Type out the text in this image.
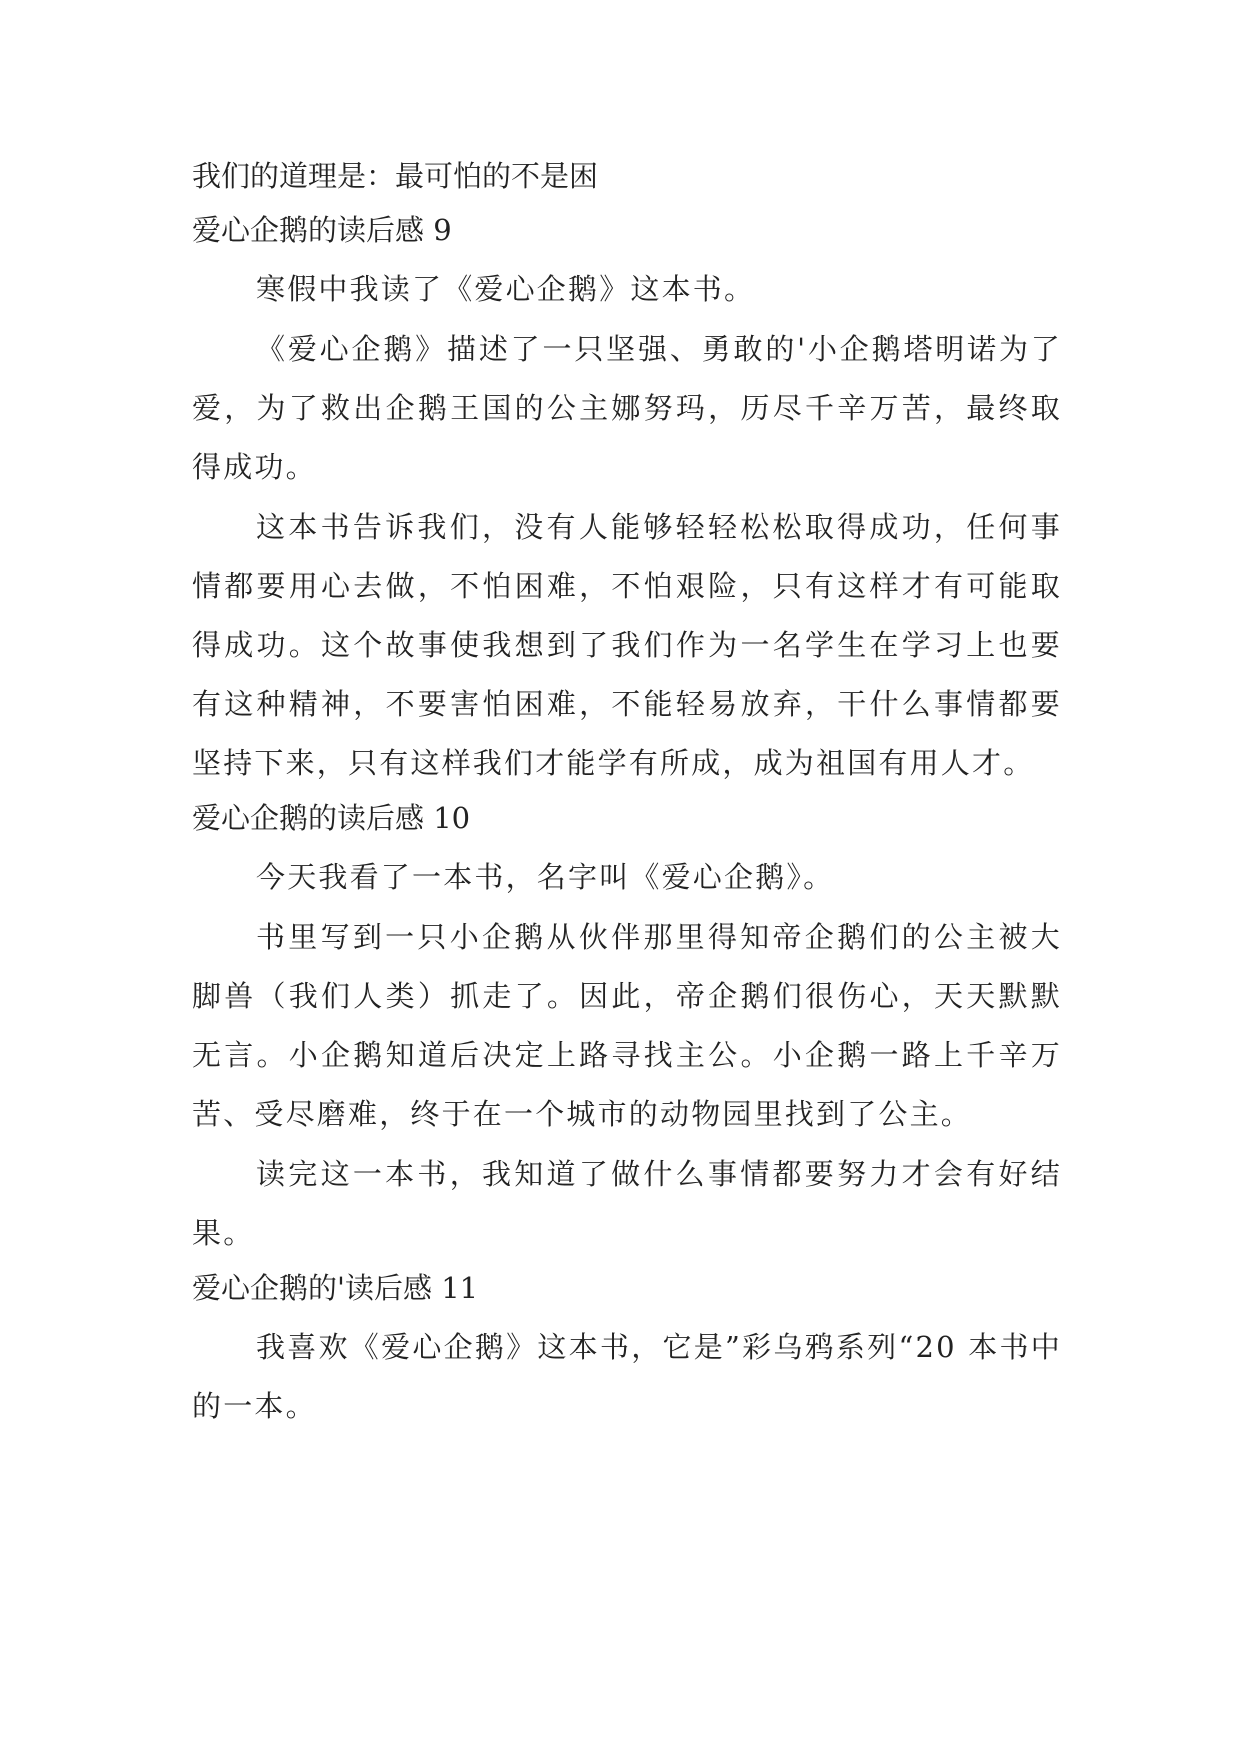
我们的道理是：最可怕的不是困
爱心企鹅的读后感 9

寒假中我读了《爱心企鹅》这本书。

《爱心企鹅》描述了一只坚强、勇敢的'小企鹅塔明诺为了爱，为了救出企鹅王国的公主娜努玛，历尽千辛万苦，最终取得成功。

这本书告诉我们，没有人能够轻轻松松取得成功，任何事情都要用心去做，不怕困难，不怕艰险，只有这样才有可能取得成功。这个故事使我想到了我们作为一名学生在学习上也要有这种精神，不要害怕困难，不能轻易放弃，干什么事情都要坚持下来，只有这样我们才能学有所成，成为祖国有用人才。

爱心企鹅的读后感 10

今天我看了一本书，名字叫《爱心企鹅》。

书里写到一只小企鹅从伙伴那里得知帝企鹅们的公主被大脚兽（我们人类）抓走了。因此，帝企鹅们很伤心，天天默默无言。小企鹅知道后决定上路寻找主公。小企鹅一路上千辛万苦、受尽磨难，终于在一个城市的动物园里找到了公主。

读完这一本书，我知道了做什么事情都要努力才会有好结果。

爱心企鹅的'读后感 11

我喜欢《爱心企鹅》这本书，它是”彩乌鸦系列“20 本书中的一本。
